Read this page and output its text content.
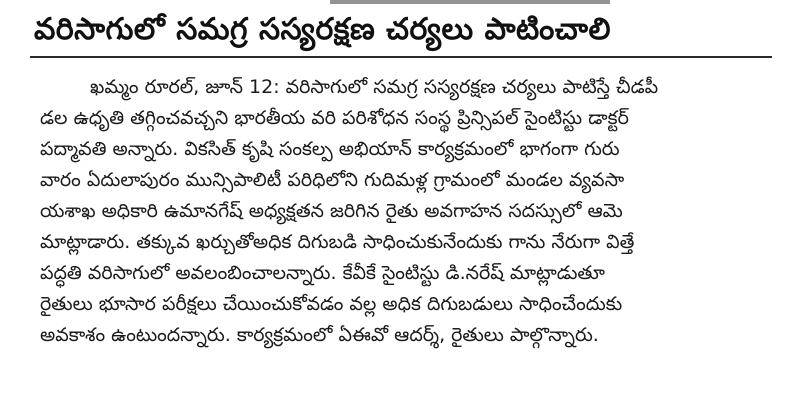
వరిసాగులో సమగ్ర సస్యరక్షణ చర్యలు పాటించాలి
ఖమ్మం రూరల్, జూన్ 12: వరిసాగులో సమగ్ర సస్యరక్షణ చర్యలు పాటిస్తే చీడపీ
డల ఉధృతి తగ్గించవచ్చని భారతీయ వరి పరిశోధన సంస్థ ప్రిన్సిపల్ సైంటిస్టు డాక్టర్
పద్మావతి అన్నారు. వికసిత్ కృషి సంకల్ప అభియాన్ కార్యక్రమంలో భాగంగా గురు
వారం ఏదులాపురం మున్సిపాలిటీ పరిధిలోని గుదిమళ్ల గ్రామంలో మండల వ్యవసా
యశాఖ అధికారి ఉమానగేష్ అధ్యక్షతన జరిగిన రైతు అవగాహన సదస్సులో ఆమె
మాట్లాడారు. తక్కువ ఖర్చుతోఅధిక దిగుబడి సాధించుకునేందుకు గాను నేరుగా విత్తే
పద్ధతి వరిసాగులో అవలంబించాలన్నారు. కేవీకే సైంటిస్టు డి.నరేష్ మాట్లాడుతూ
రైతులు భూసార పరీక్షలు చేయించుకోవడం వల్ల అధిక దిగుబడులు సాధించేందుకు
అవకాశం ఉంటుందన్నారు. కార్యక్రమంలో ఏఈవో ఆదర్శ్, రైతులు పాల్గొన్నారు.
